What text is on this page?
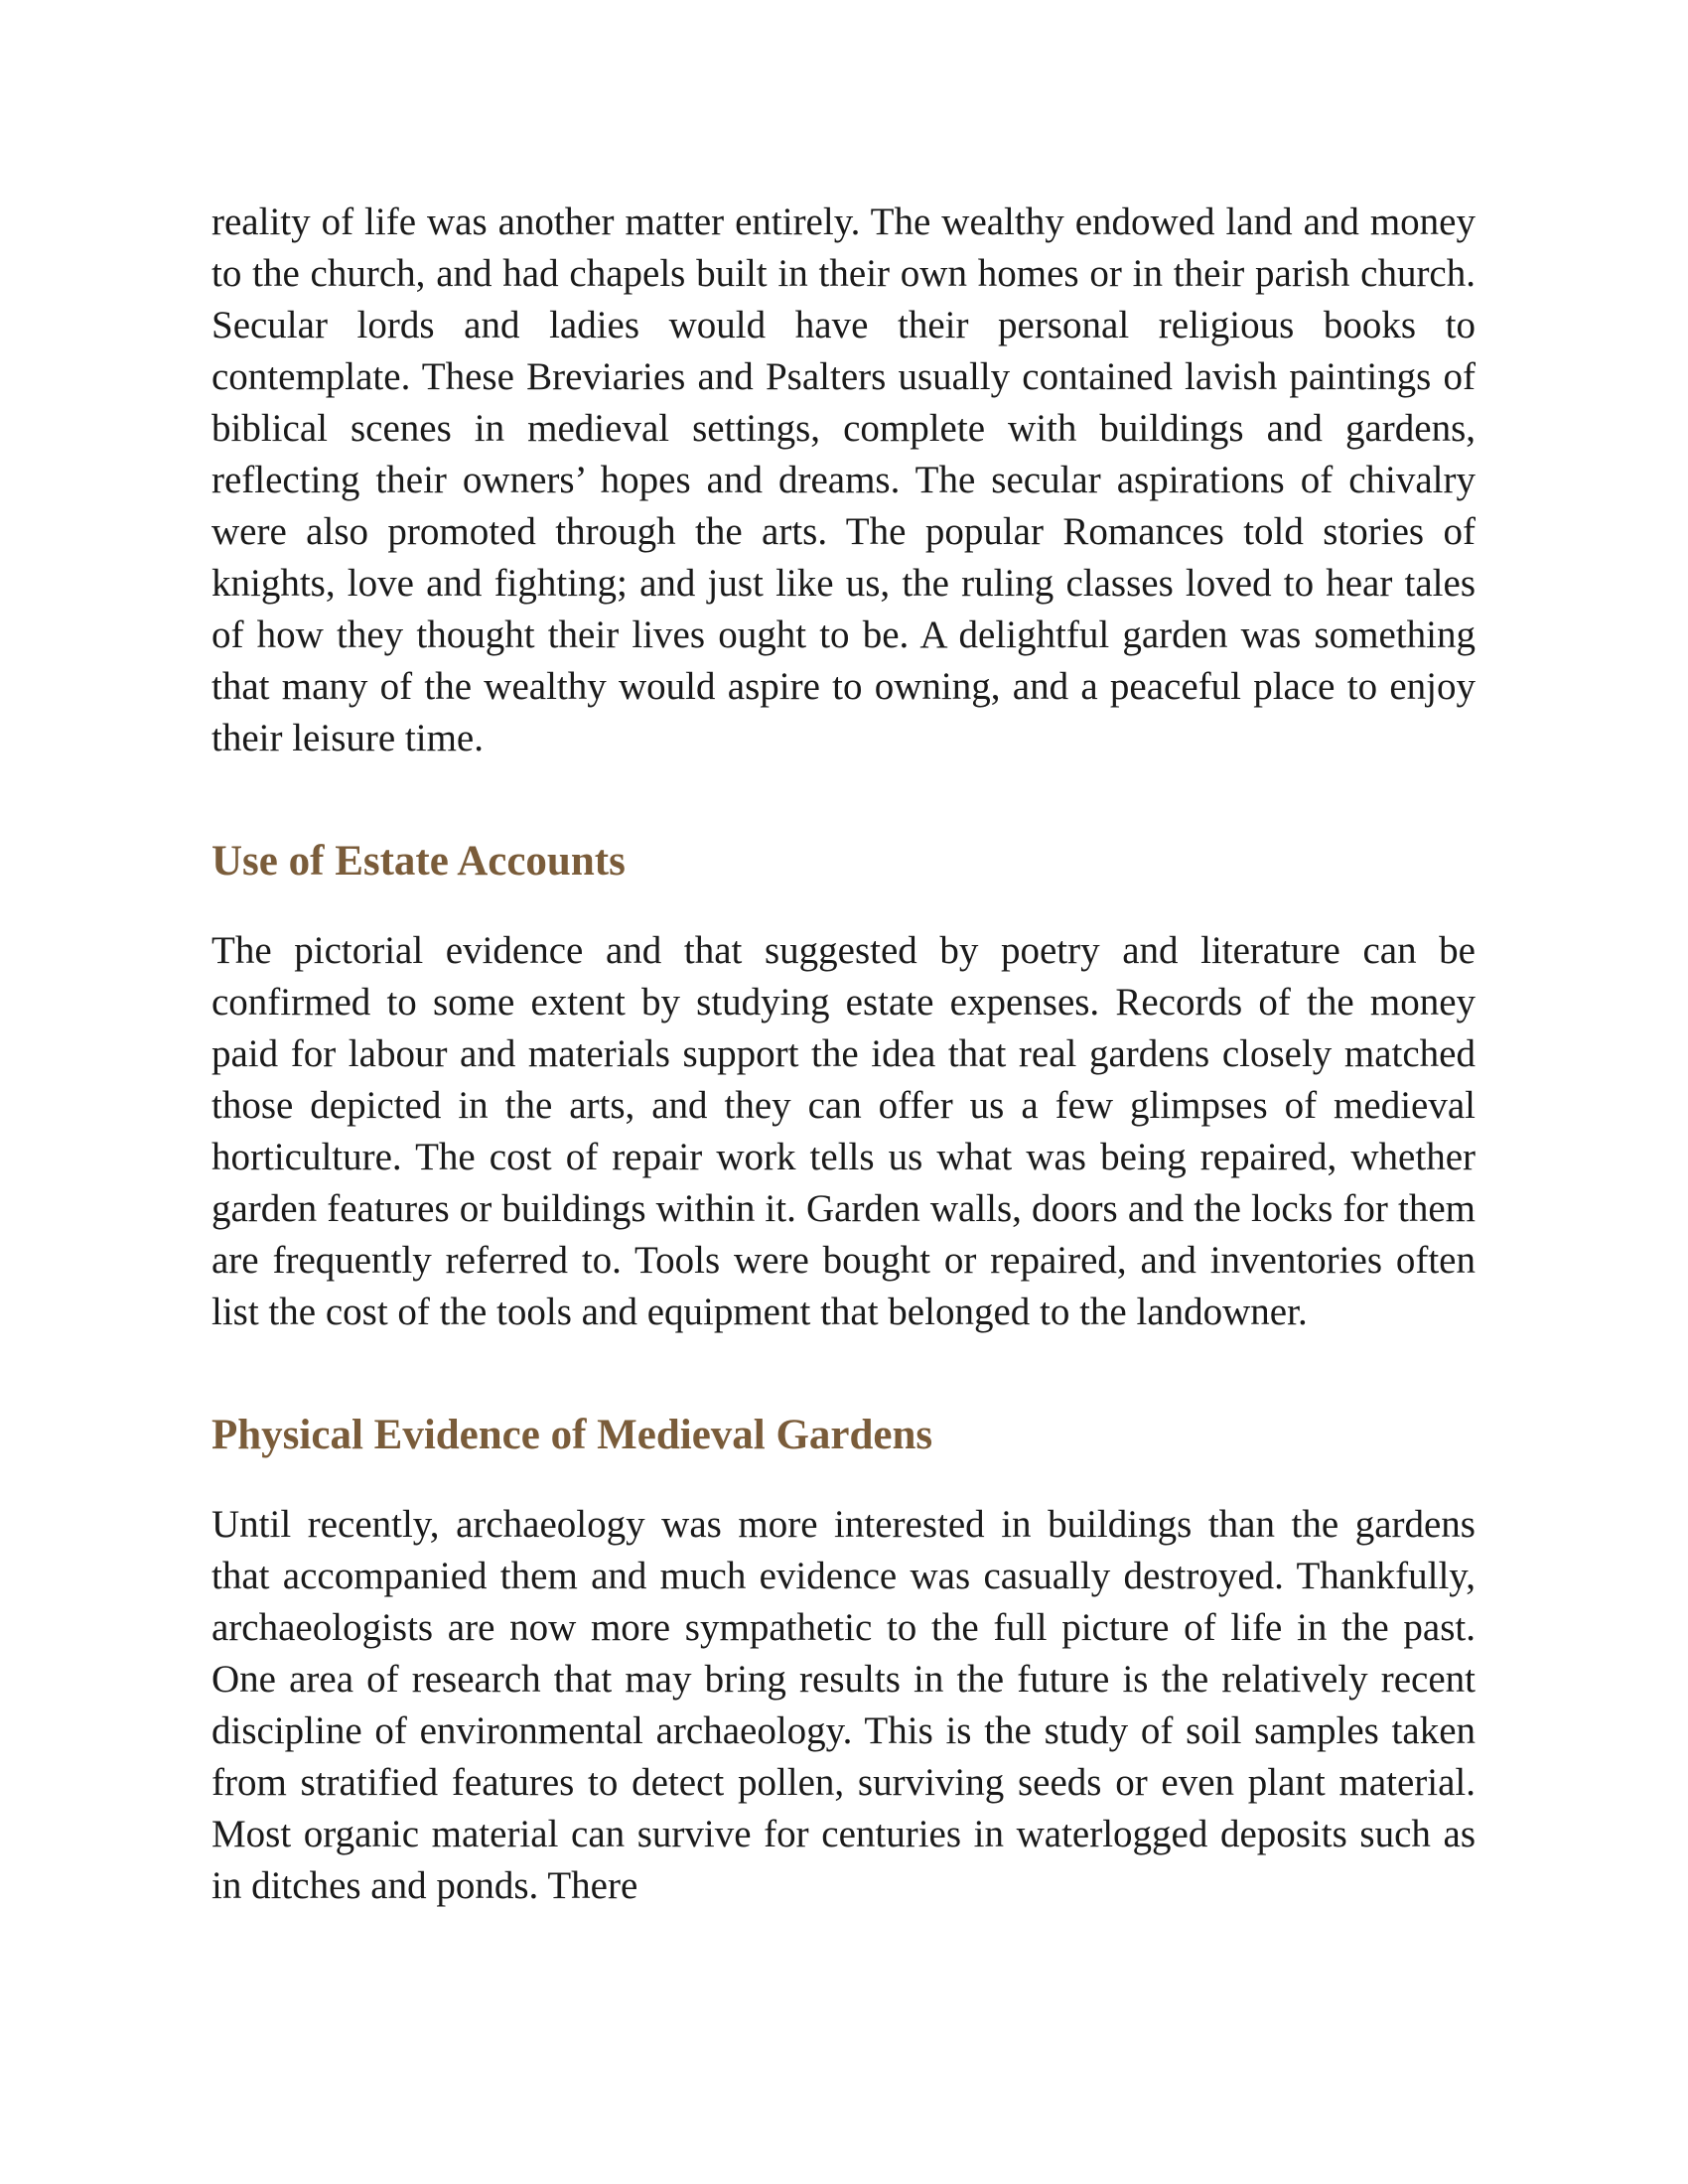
reality of life was another matter entirely. The wealthy endowed land and money to the church, and had chapels built in their own homes or in their parish church. Secular lords and ladies would have their personal religious books to contemplate. These Breviaries and Psalters usually contained lavish paintings of biblical scenes in medieval settings, complete with buildings and gardens, reflecting their owners’ hopes and dreams. The secular aspirations of chivalry were also promoted through the arts. The popular Romances told stories of knights, love and fighting; and just like us, the ruling classes loved to hear tales of how they thought their lives ought to be. A delightful garden was something that many of the wealthy would aspire to owning, and a peaceful place to enjoy their leisure time.

Use of Estate Accounts

The pictorial evidence and that suggested by poetry and literature can be confirmed to some extent by studying estate expenses. Records of the money paid for labour and materials support the idea that real gardens closely matched those depicted in the arts, and they can offer us a few glimpses of medieval horticulture. The cost of repair work tells us what was being repaired, whether garden features or buildings within it. Garden walls, doors and the locks for them are frequently referred to. Tools were bought or repaired, and inventories often list the cost of the tools and equipment that belonged to the landowner.

Physical Evidence of Medieval Gardens

Until recently, archaeology was more interested in buildings than the gardens that accompanied them and much evidence was casually destroyed. Thankfully, archaeologists are now more sympathetic to the full picture of life in the past. One area of research that may bring results in the future is the relatively recent discipline of environmental archaeology. This is the study of soil samples taken from stratified features to detect pollen, surviving seeds or even plant material. Most organic material can survive for centuries in waterlogged deposits such as in ditches and ponds. There
